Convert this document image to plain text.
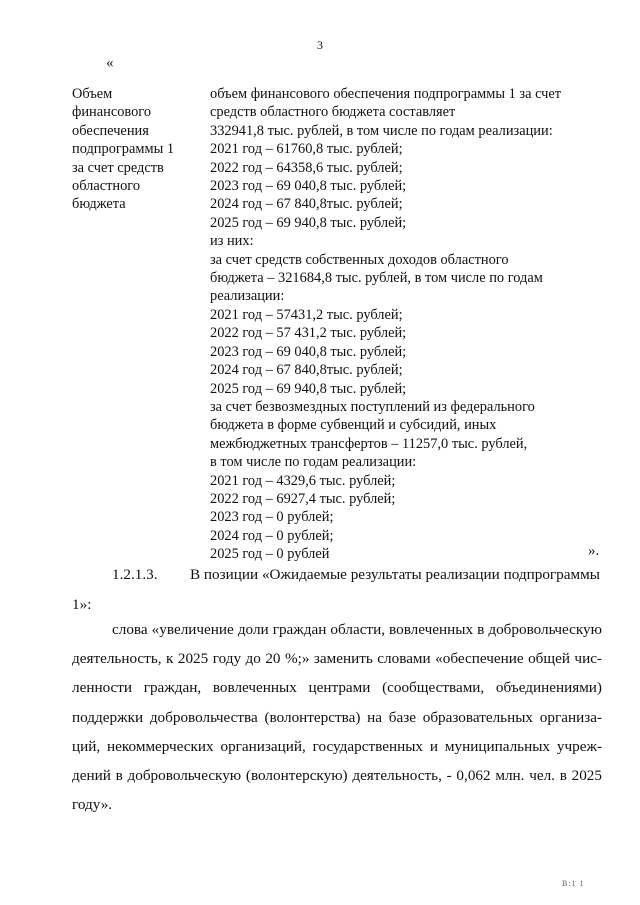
3
«
Объем
финансового
обеспечения
подпрограммы 1
за счет средств
областного
бюджета
объем финансового обеспечения подпрограммы 1 за счет
средств областного бюджета составляет
332941,8 тыс. рублей, в том числе по годам реализации:
2021 год – 61760,8 тыс. рублей;
2022 год – 64358,6 тыс. рублей;
2023 год – 69 040,8 тыс. рублей;
2024 год – 67 840,8тыс. рублей;
2025 год – 69 940,8 тыс. рублей;
из них:
за счет средств собственных доходов областного
бюджета – 321684,8 тыс. рублей, в том числе по годам
реализации:
2021 год – 57431,2 тыс. рублей;
2022 год – 57 431,2 тыс. рублей;
2023 год – 69 040,8 тыс. рублей;
2024 год – 67 840,8тыс. рублей;
2025 год – 69 940,8 тыс. рублей;
за счет безвозмездных поступлений из федерального
бюджета в форме субвенций и субсидий, иных
межбюджетных трансфертов – 11257,0 тыс. рублей,
в том числе по годам реализации:
2021 год – 4329,6 тыс. рублей;
2022 год – 6927,4 тыс. рублей;
2023 год – 0 рублей;
2024 год – 0 рублей;
2025 год – 0 рублей	».
1.2.1.3. В позиции «Ожидаемые результаты реализации подпрограммы
1»:
слова «увеличение доли граждан области, вовлеченных в добровольческую
деятельность, к 2025 году до 20 %;» заменить словами «обеспечение общей чис-
ленности граждан, вовлеченных центрами (сообществами, объединениями)
поддержки добровольчества (волонтерства) на базе образовательных организа-
ций, некоммерческих организаций, государственных и муниципальных учреж-
дений в добровольческую (волонтерскую) деятельность, - 0,062 млн. чел. в 2025
году».
В:1 1
